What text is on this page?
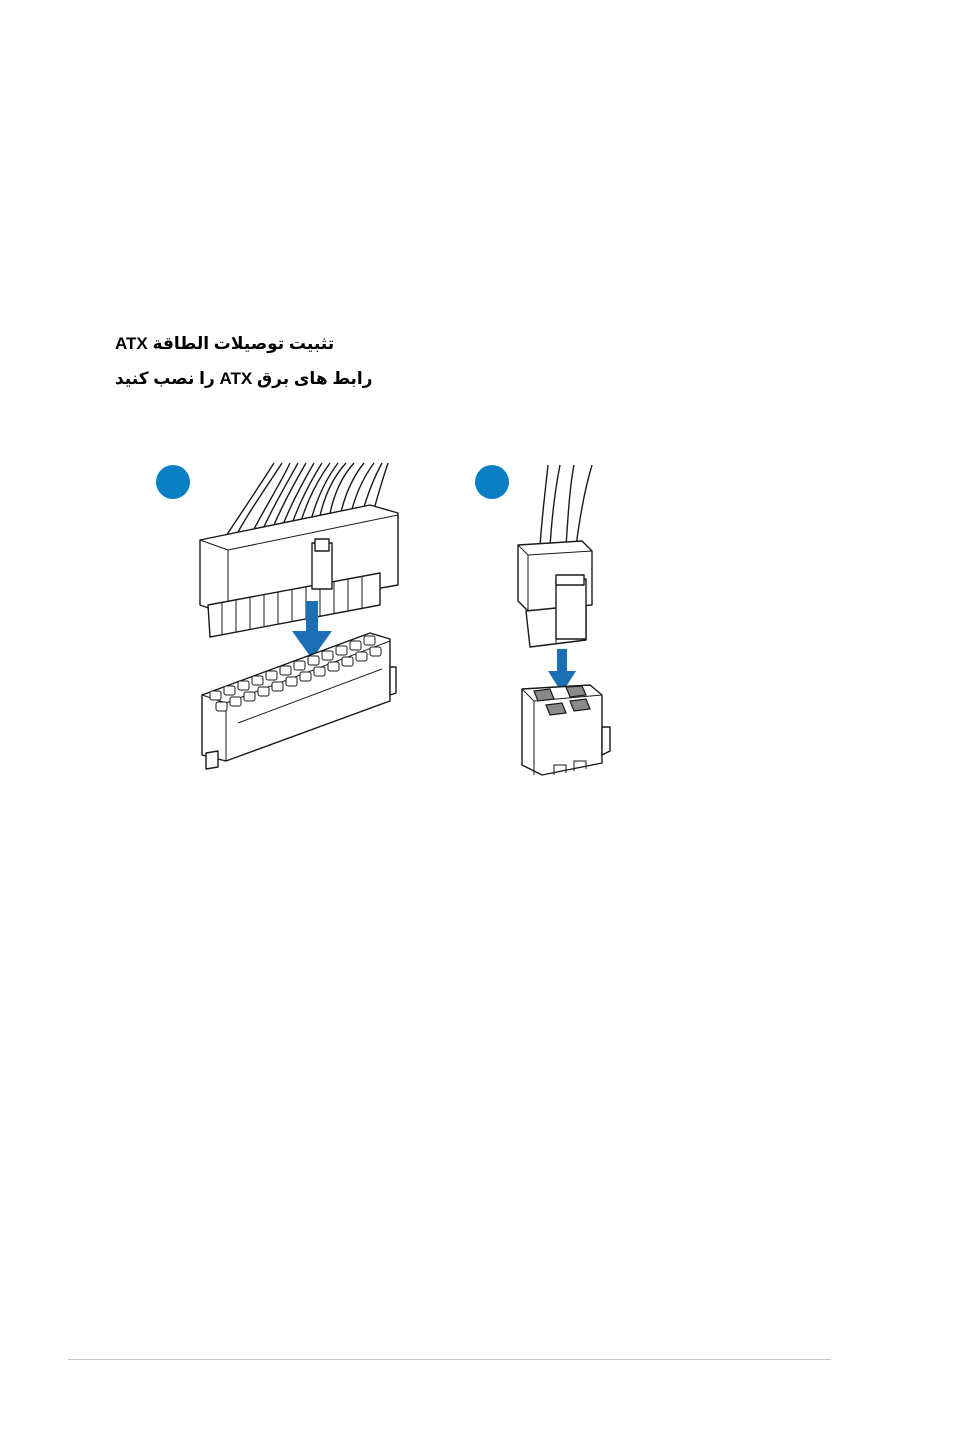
تثبيت توصيلات الطاقة ATX
رابط های برق ATX را نصب کنید
